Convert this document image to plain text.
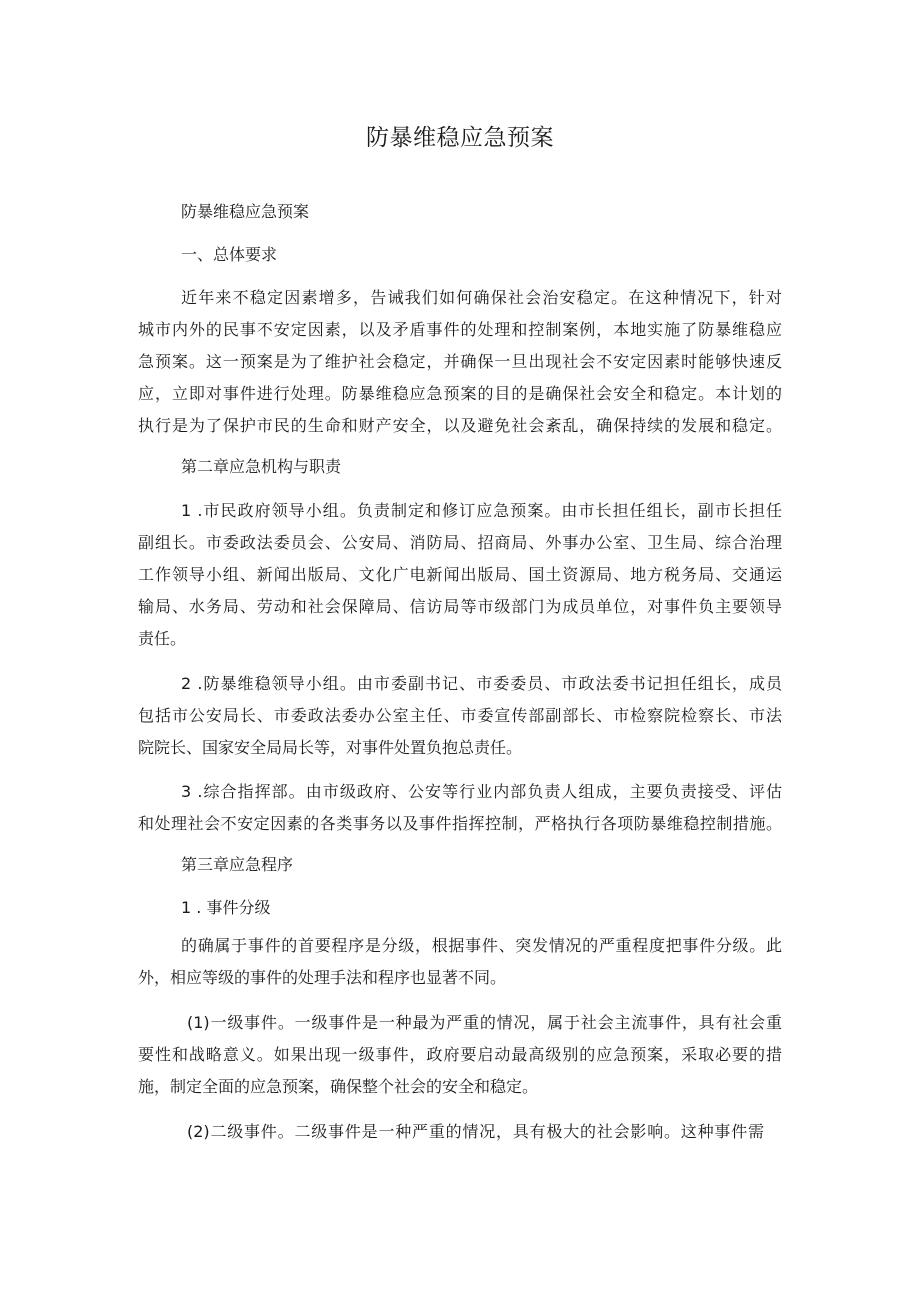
防暴维稳应急预案
防暴维稳应急预案
一、总体要求
近年来不稳定因素增多，告诫我们如何确保社会治安稳定。在这种情况下，针对
城市内外的民事不安定因素，以及矛盾事件的处理和控制案例，本地实施了防暴维稳应
急预案。这一预案是为了维护社会稳定，并确保一旦出现社会不安定因素时能够快速反
应，立即对事件进行处理。防暴维稳应急预案的目的是确保社会安全和稳定。本计划的
执行是为了保护市民的生命和财产安全，以及避免社会紊乱，确保持续的发展和稳定。
第二章应急机构与职责
1 .市民政府领导小组。负责制定和修订应急预案。由市长担任组长，副市长担任
副组长。市委政法委员会、公安局、消防局、招商局、外事办公室、卫生局、综合治理
工作领导小组、新闻出版局、文化广电新闻出版局、国土资源局、地方税务局、交通运
输局、水务局、劳动和社会保障局、信访局等市级部门为成员单位，对事件负主要领导
责任。
2 .防暴维稳领导小组。由市委副书记、市委委员、市政法委书记担任组长，成员
包括市公安局长、市委政法委办公室主任、市委宣传部副部长、市检察院检察长、市法
院院长、国家安全局局长等，对事件处置负抱总责任。
3 .综合指挥部。由市级政府、公安等行业内部负责人组成，主要负责接受、评估
和处理社会不安定因素的各类事务以及事件指挥控制，严格执行各项防暴维稳控制措施。
第三章应急程序
1 . 事件分级
的确属于事件的首要程序是分级，根据事件、突发情况的严重程度把事件分级。此
外，相应等级的事件的处理手法和程序也显著不同。
(1)一级事件。一级事件是一种最为严重的情况，属于社会主流事件，具有社会重
要性和战略意义。如果出现一级事件，政府要启动最高级别的应急预案，采取必要的措
施，制定全面的应急预案，确保整个社会的安全和稳定。
(2)二级事件。二级事件是一种严重的情况，具有极大的社会影响。这种事件需
